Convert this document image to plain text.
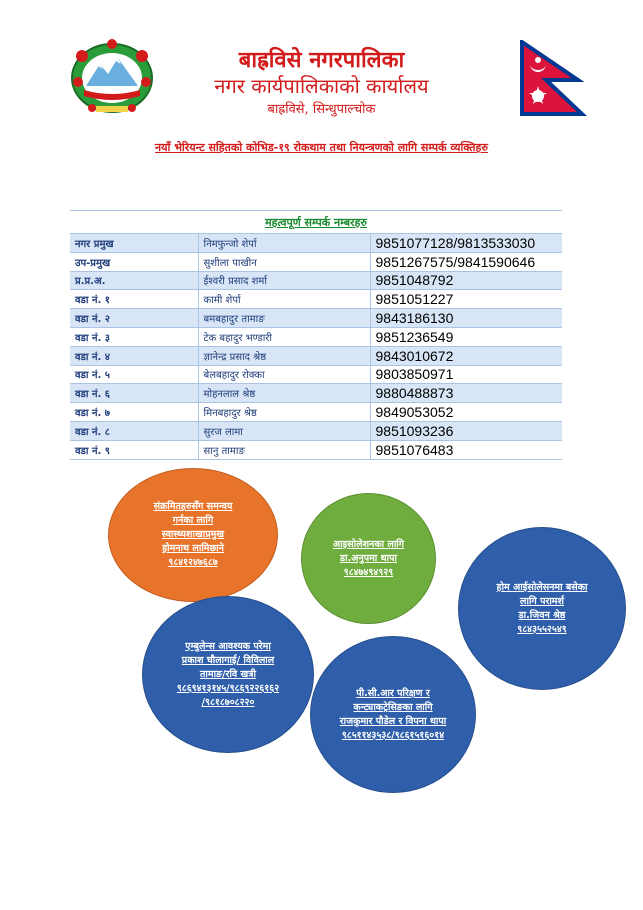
बाह्रविसे नगरपालिका
नगर कार्यपालिकाको कार्यालय
बाह्रविसे, सिन्धुपाल्चोक
नयाँ भेरियन्ट सहितको कोभिड-१९ रोकथाम तथा नियन्त्रणको लागि सम्पर्क व्यक्तिहरु
महत्वपूर्ण सम्पर्क नम्बरहरु		
नगर प्रमुख	निमफुन्जो शेर्पा	9851077128/9813533030
उप-प्रमुख	सुशीला पाखीन	9851267575/9841590646
प्र.प्र.अ.	ईश्वरी प्रसाद शर्मा	9851048792
वडा नं. १	कामी शेर्पा	9851051227
वडा नं. २	बमबहादुर तामाङ	9843186130
वडा नं. ३	टेक बहादुर भण्डारी	9851236549
वडा नं. ४	ज्ञानेन्द्र प्रसाद श्रेष्ठ	9843010672
वडा नं. ५	बेलबहादुर रोक्का	9803850971
वडा नं. ६	मोहनलाल श्रेष्ठ	9880488873
वडा नं. ७	मिनबहादुर श्रेष्ठ	9849053052
वडा नं. ८	सुरज लामा	9851093236
वडा नं. ९	सानु तामाङ	9851076483
संक्रमितहरुसँग समन्वय
गर्नका लागि
स्वास्थ्यशाखाप्रमुख
होमनाथ लामिछाने
९८४१२४७६८७
आइसोलेशनका लागि
डा.अनुपमा थापा
९८४७४९४९२९
होम आईसोलेसनमा बसेका
लागि परामर्श
डा.जिवन श्रेष्ठ
९८४३५५२५४९
एम्बुलेन्स आवश्यक परेमा
प्रकाश चौलागाई/ विविलाल
तामाङ/रवि खत्री
९८६९४१३१४५/९८६९२२६१६२
/९८१८७०८२२०
पी.सी.आर परिक्षण र
कन्ट्याकट्रेसिङका लागि
राजकुमार पौडेल र विपना थापा
९८५११४३५३८/९८६१५१६०१४
